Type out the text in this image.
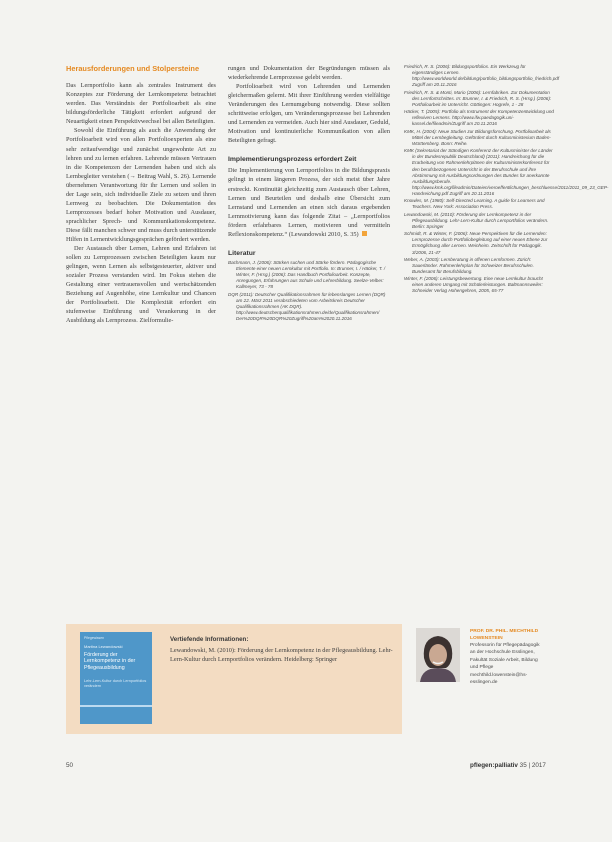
Herausforderungen und Stolpersteine

Das Lernportfolio kann als zentrales Instrument des Konzeptes zur Förderung der Lernkompetenz betrachtet werden. Das Verständnis der Portfolioarbeit als eine bildungsförderliche Tätigkeit erfordert aufgrund der Neuartigkeit einen Perspektivwechsel bei allen Beteiligten.

Sowohl die Einführung als auch die Anwendung der Portfolioarbeit wird von allen Portfolioexperten als eine sehr zeitaufwendige und zunächst ungewohnte Art zu lehren und zu lernen erfahren. Lehrende müssen Vertrauen in die Kompetenzen der Lernenden haben und sich als Lernbegleiter verstehen (→ Beitrag Wahl, S. 26). Lernende übernehmen Verantwortung für ihr Lernen und sollen in der Lage sein, sich individuelle Ziele zu setzen und ihren Lernweg zu beobachten. Die Dokumentation des Lernprozesses bedarf hoher Motivation und Ausdauer, sprachlicher Sprech- und Kommunikationskompetenz. Diese fällt manchen schwer und muss durch unterstützende Hilfen in Lernentwicklungsgesprächen gefördert werden.

Der Austausch über Lernen, Lehren und Erfahren ist sollen zu Lernprozessen zwischen Beteiligten kaum nur gelingen, wenn Lernen als selbstgesteuerter, aktiver und sozialer Prozess verstanden wird. Im Fokus stehen die Gestaltung einer vertrauensvollen und wertschätzenden Beziehung auf Augenhöhe, eine Lernkultur und Chancen der Portfolioarbeit. Die Komplexität erfordert ein stufenweise Einführung und Verankerung in der Ausbildung als Lernprozess. Zielformulie-

rungen und Dokumentation der Begründungen müssen als wiederkehrende Lernprozesse gelebt werden.

Portfolioarbeit wird von Lehrenden und Lernenden gleichermaßen gelernt. Mit ihrer Einführung werden vielfältige Veränderungen des Lernumgebung notwendig. Diese sollten schrittweise erfolgen, um Veränderungsprozesse bei Lehrenden und Lernenden zu vermeiden. Auch hier sind Ausdauer, Geduld, Motivation und kontinuierliche Kommunikation von allen Beteiligten gefragt.

Implementierungsprozess erfordert Zeit

Die Implementierung von Lernportfolios in die Bildungspraxis gelingt in einem längeren Prozess, der sich meist über Jahre erstreckt. Kontinuität gleichzeitig zum Austausch über Lehren, Lernen und Beurteilen und deshalb eine Übersicht zum Lernstand und Lernenden an einen sich daraus ergebenden Lernmotivierung kann das folgende Zitat – „Lernportfolios fördern erfahrbares Lernen, motivieren und vermitteln Reflexionskompetenz.“ (Lewandowski 2010, S. 35)

Literatur

Bachmann, J. (2006): Stärken suchen und Stärke fördern. Pädagogische Elemente einer neuen Lernkultur mit Portfolio. In: Brunner, I. / Häcker, T. / Winter, F. (Hrsg.) (2006): Das Handbuch Portfolioarbeit. Konzepte, Anregungen, Erfahrungen aus Schule und Lehrerbildung. Seelze-Velber: Kallmeyer, 73 - 78

DQR (2011): Deutscher Qualifikationsrahmen für lebenslanges Lernen (DQR) am 22. März 2011 verabschiedeten vom Arbeitskreis Deutscher Qualifikationsrahmen (AK DQR). http://www.deutscherqualifikationsrahmen.de/de/Qualifikationsrahmen/ Der%20DQR%20DQR%20Zugriff%20am%2020.11.2016

Friedrich, R. S. (2006): Bildungsportfolios. Ein Werkzeug für eigenständiges Lernen. http://www.worldworld.de/bildung/portfolio_bildungsportfolio_friedrich.pdf Zugriff am 20.11.2016

Friedrich, R. S. & Monti, Mario (2006): Lernfabriken. Zur Dokumentation des Lernfortschrittes. In: Brunner, I. & Friedrich, R. S. (Hrsg.) (2006): Portfolioarbeit im Unterricht. Göttingen: Hogrefe, 1 - 28

Häcker, T. (2005): Portfolio als Instrument der Kompetenzentwicklung und reflexiven Lernens. http://www.ifw.paedagogik.uni-kassel.de/fileadmin/Zugriff am 20.11.2016

KMK, H. (2004): Neue Studien zur Bildungsforschung. Portfolioarbeit als Mittel der Lernbegleitung. Gefördert durch Kultusministerium Baden-Württemberg. Bonn: Reihe.

KMK (Sekretariat der Ständigen Konferenz der Kultusminister der Länder in der Bundesrepublik Deutschland) (2011): Handreichung für die Erarbeitung von Rahmenlehrplänen der Kultusministerkonferenz für den berufsbezogenen Unterricht in der Berufsschule und ihre Abstimmung mit Ausbildungsordnungen des Bundes für anerkannte Ausbildungsberufe. http://www.kmk.org/fileadmin/Dateien/veroeffentlichungen_beschluesse/2011/2011_09_23_GEP-Handreichung.pdf Zugriff am 20.11.2016

Knowles, M. (1980): Self-Directed Learning. A guide for Learners and Teachers. New York: Association Press.

Lewandowski, M. (2010): Förderung der Lernkompetenz in der Pflegeausbildung. Lehr-Lern-Kultur durch Lernportfolios verändern. Berlin: Springer

Schmidt, R. & Winter, F. (2006): Neue Perspektiven für die Lernenden: Lernprozesse durch Portfoliobegleitung auf einer neuen Ebene zur Ermöglichung aller Lernen. Weinheim. Zeitschrift für Pädagogik. 3/2006, 21-47

Weber, A. (2003): Lernberatung in offenen Lernformen. Zürich: Sauerländer. Rahmenlehrplan für Schweizer Berufsschulen. Bundesamt für Berufsbildung.

Winter, F. (2006): Leistungsbewertung. Eine neue Lernkultur braucht einen anderen Umgang mit Schülerleistungen. Baltmannsweiler: Schneider Verlag Hohengehren, 2005, 65-77

Pflegewissen
Martina Lewandowski
Förderung der Lernkompetenz in der Pflegeausbildung
Lehr-Lern-Kultur durch Lernportfolios verändern
Vertiefende Informationen:

Lewandowski, M. (2010): Förderung der Lernkompetenz in der Pflegeausbildung. Lehr-Lern-Kultur durch Lernportfolios verändern. Heidelberg: Springer

PROF. DR. PHIL. MECHTHILD LOWENSTEIN

Professorin für Pflegepädagogik
an der Hochschule Esslingen,
Fakultät Soziale Arbeit, Bildung
und Pflege
mechthild.lowenstein@hs-
esslingen.de

50	pflegen:palliativ 35 | 2017
